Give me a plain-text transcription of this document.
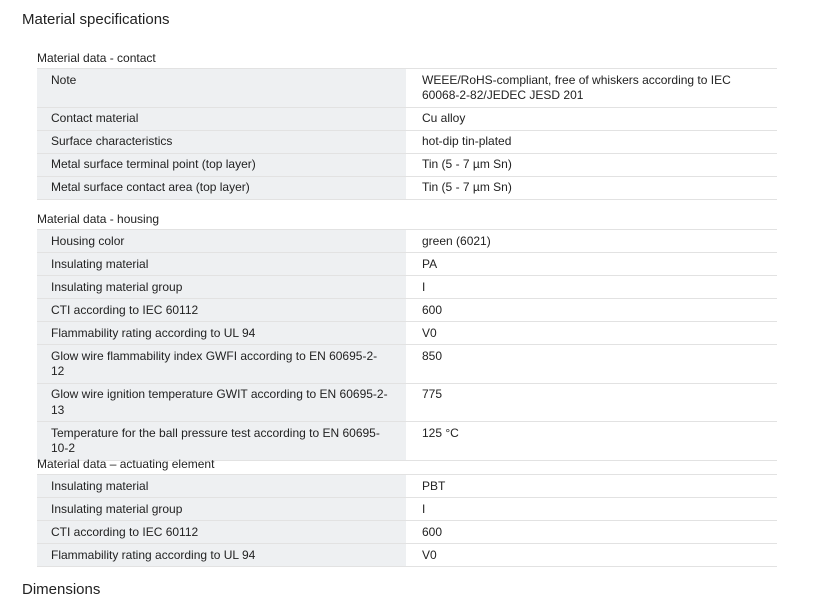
Material specifications
Material data - contact
Note		WEEE/RoHS-compliant, free of whiskers according to IEC 60068-2-82/JEDEC JESD 201
Contact material		Cu alloy
Surface characteristics		hot-dip tin-plated
Metal surface terminal point (top layer)		Tin (5 - 7 µm Sn)
Metal surface contact area (top layer)		Tin (5 - 7 µm Sn)
Material data - housing
Housing color		green (6021)
Insulating material		PA
Insulating material group		I
CTI according to IEC 60112		600
Flammability rating according to UL 94		V0
Glow wire flammability index GWFI according to EN 60695-2-12		850
Glow wire ignition temperature GWIT according to EN 60695-2-13		775
Temperature for the ball pressure test according to EN 60695-10-2		125 °C
Material data – actuating element
Insulating material		PBT
Insulating material group		I
CTI according to IEC 60112		600
Flammability rating according to UL 94		V0
Dimensions
